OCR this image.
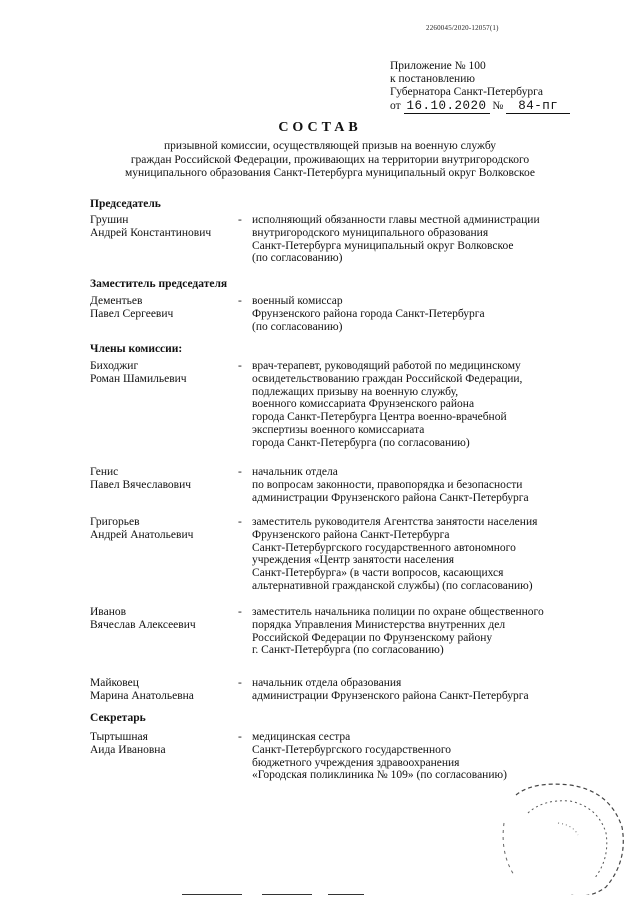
2260045/2020-12057(1)
Приложение № 100
к постановлению
Губернатора Санкт-Петербурга
от 16.10.2020 № 84-пг
СОСТАВ
призывной комиссии, осуществляющей призыв на военную службу
граждан Российской Федерации, проживающих на территории внутригородского
муниципального образования Санкт-Петербурга муниципальный округ Волковское
Председатель
Грушин
Андрей Константинович
- исполняющий обязанности главы местной администрации
внутригородского муниципального образования
Санкт-Петербурга муниципальный округ Волковское
(по согласованию)
Заместитель председателя
Дементьев
Павел Сергеевич
- военный комиссар
Фрунзенского района города Санкт-Петербурга
(по согласованию)
Члены комиссии:
Биходжиг
Роман Шамильевич
- врач-терапевт, руководящий работой по медицинскому
освидетельствованию граждан Российской Федерации,
подлежащих призыву на военную службу,
военного комиссариата Фрунзенского района
города Санкт-Петербурга Центра военно-врачебной
экспертизы военного комиссариата
города Санкт-Петербурга (по согласованию)
Генис
Павел Вячеславович
- начальник отдела
по вопросам законности, правопорядка и безопасности
администрации Фрунзенского района Санкт-Петербурга
Григорьев
Андрей Анатольевич
- заместитель руководителя Агентства занятости населения
Фрунзенского района Санкт-Петербурга
Санкт-Петербургского государственного автономного
учреждения «Центр занятости населения
Санкт-Петербурга» (в части вопросов, касающихся
альтернативной гражданской службы) (по согласованию)
Иванов
Вячеслав Алексеевич
- заместитель начальника полиции по охране общественного
порядка Управления Министерства внутренних дел
Российской Федерации по Фрунзенскому району
г. Санкт-Петербурга (по согласованию)
Майковец
Марина Анатольевна
- начальник отдела образования
администрации Фрунзенского района Санкт-Петербурга
Секретарь
Тыртышная
Аида Ивановна
- медицинская сестра
Санкт-Петербургского государственного
бюджетного учреждения здравоохранения
«Городская поликлиника № 109» (по согласованию)
